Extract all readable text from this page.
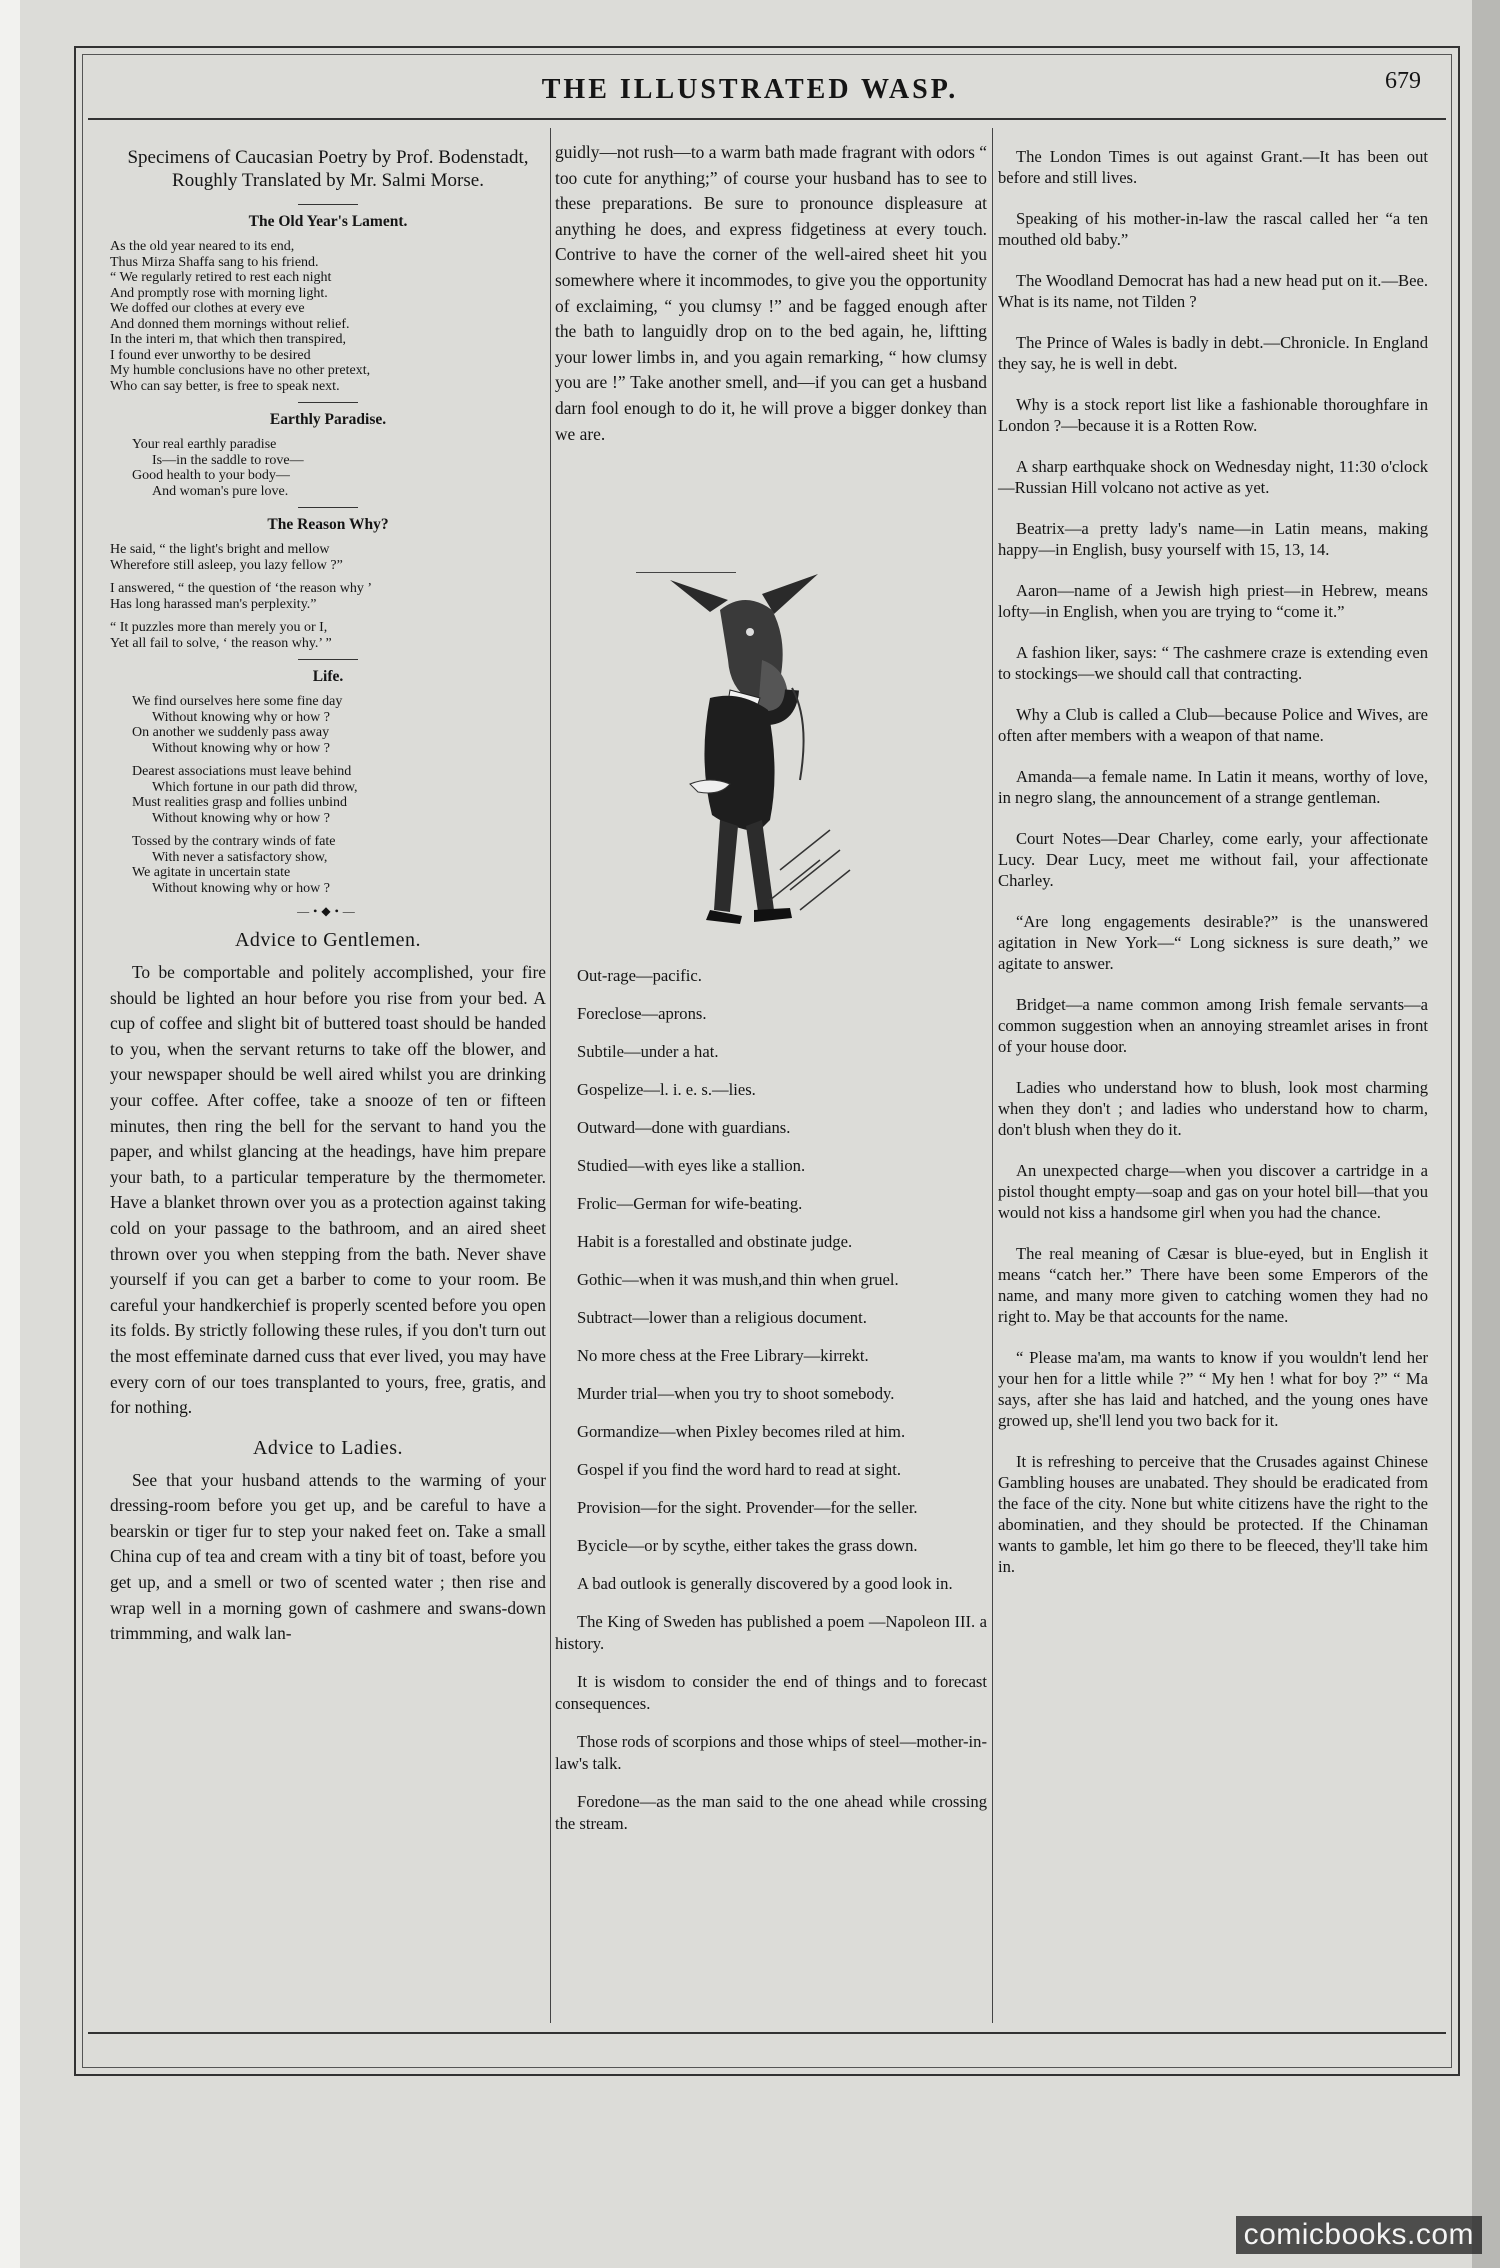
THE ILLUSTRATED WASP.	679
Specimens of Caucasian Poetry by Prof. Bodenstadt, Roughly Translated by Mr. Salmi Morse.
The Old Year's Lament.
As the old year neared to its end,
Thus Mirza Shaffa sang to his friend.
“ We regularly retired to rest each night
And promptly rose with morning light.
We doffed our clothes at every eve
And donned them mornings without relief.
In the interi m, that which then transpired,
I found ever unworthy to be desired
My humble conclusions have no other pretext,
Who can say better, is free to speak next.
Earthly Paradise.
Your real earthly paradise
Is—in the saddle to rove—
Good health to your body—
And woman's pure love.
The Reason Why?
He said, “ the light's bright and mellow
Wherefore still asleep, you lazy fellow ?”
I answered, “ the question of ‘the reason why ’
Has long harassed man's perplexity.”
“ It puzzles more than merely you or I,
Yet all fail to solve, ‘ the reason why.’ ”
Life.
We find ourselves here some fine day
Without knowing why or how ?
On another we suddenly pass away
Without knowing why or how ?
Dearest associations must leave behind
Which fortune in our path did throw,
Must realities grasp and follies unbind
Without knowing why or how ?
Tossed by the contrary winds of fate
With never a satisfactory show,
We agitate in uncertain state
Without knowing why or how ?
—•◆•—
Advice to Gentlemen.

To be comportable and politely accomplished, your fire should be lighted an hour before you rise from your bed. A cup of coffee and slight bit of buttered toast should be handed to you, when the servant returns to take off the blower, and your newspaper should be well aired whilst you are drinking your coffee. After coffee, take a snooze of ten or fifteen minutes, then ring the bell for the servant to hand you the paper, and whilst glancing at the headings, have him prepare your bath, to a particular temperature by the thermometer. Have a blanket thrown over you as a protection against taking cold on your passage to the bathroom, and an aired sheet thrown over you when stepping from the bath. Never shave yourself if you can get a barber to come to your room. Be careful your handkerchief is properly scented before you open its folds. By strictly following these rules, if you don't turn out the most effeminate darned cuss that ever lived, you may have every corn of our toes transplanted to yours, free, gratis, and for nothing.

Advice to Ladies.

See that your husband attends to the warming of your dressing-room before you get up, and be careful to have a bearskin or tiger fur to step your naked feet on. Take a small China cup of tea and cream with a tiny bit of toast, before you get up, and a smell or two of scented water ; then rise and wrap well in a morning gown of cashmere and swans-down trimmming, and walk lan-

guidly—not rush—to a warm bath made fragrant with odors “ too cute for anything;” of course your husband has to see to these preparations. Be sure to pronounce displeasure at anything he does, and express fidgetiness at every touch. Contrive to have the corner of the well-aired sheet hit you somewhere where it incommodes, to give you the opportunity of exclaiming, “ you clumsy !” and be fagged enough after the bath to languidly drop on to the bed again, he, liftting your lower limbs in, and you again remarking, “ how clumsy you are !” Take another smell, and—if you can get a husband darn fool enough to do it, he will prove a bigger donkey than we are.

Out-rage—pacific.

Foreclose—aprons.

Subtile—under a hat.

Gospelize—l. i. e. s.—lies.

Outward—done with guardians.

Studied—with eyes like a stallion.

Frolic—German for wife-beating.

Habit is a forestalled and obstinate judge.

Gothic—when it was mush,and thin when gruel.

Subtract—lower than a religious document.

No more chess at the Free Library—kirrekt.

Murder trial—when you try to shoot somebody.

Gormandize—when Pixley becomes riled at him.

Gospel if you find the word hard to read at sight.

Provision—for the sight. Provender—for the seller.

Bycicle—or by scythe, either takes the grass down.

A bad outlook is generally discovered by a good look in.

The King of Sweden has published a poem —Napoleon III. a history.

It is wisdom to consider the end of things and to forecast consequences.

Those rods of scorpions and those whips of steel—mother-in-law's talk.

Foredone—as the man said to the one ahead while crossing the stream.

The London Times is out against Grant.—It has been out before and still lives.

Speaking of his mother-in-law the rascal called her “a ten mouthed old baby.”

The Woodland Democrat has had a new head put on it.—Bee. What is its name, not Tilden ?

The Prince of Wales is badly in debt.—Chronicle. In England they say, he is well in debt.

Why is a stock report list like a fashionable thoroughfare in London ?—because it is a Rotten Row.

A sharp earthquake shock on Wednesday night, 11:30 o'clock—Russian Hill volcano not active as yet.

Beatrix—a pretty lady's name—in Latin means, making happy—in English, busy yourself with 15, 13, 14.

Aaron—name of a Jewish high priest—in Hebrew, means lofty—in English, when you are trying to “come it.”

A fashion liker, says: “ The cashmere craze is extending even to stockings—we should call that contracting.

Why a Club is called a Club—because Police and Wives, are often after members with a weapon of that name.

Amanda—a female name. In Latin it means, worthy of love, in negro slang, the announcement of a strange gentleman.

Court Notes—Dear Charley, come early, your affectionate Lucy. Dear Lucy, meet me without fail, your affectionate Charley.

“Are long engagements desirable?” is the unanswered agitation in New York—“ Long sickness is sure death,” we agitate to answer.

Bridget—a name common among Irish female servants—a common suggestion when an annoying streamlet arises in front of your house door.

Ladies who understand how to blush, look most charming when they don't ; and ladies who understand how to charm, don't blush when they do it.

An unexpected charge—when you discover a cartridge in a pistol thought empty—soap and gas on your hotel bill—that you would not kiss a handsome girl when you had the chance.

The real meaning of Cæsar is blue-eyed, but in English it means “catch her.” There have been some Emperors of the name, and many more given to catching women they had no right to. May be that accounts for the name.

“ Please ma'am, ma wants to know if you wouldn't lend her your hen for a little while ?” “ My hen ! what for boy ?” “ Ma says, after she has laid and hatched, and the young ones have growed up, she'll lend you two back for it.

It is refreshing to perceive that the Crusades against Chinese Gambling houses are unabated. They should be eradicated from the face of the city. None but white citizens have the right to the abominatien, and they should be protected. If the Chinaman wants to gamble, let him go there to be fleeced, they'll take him in.

comicbooks.com
